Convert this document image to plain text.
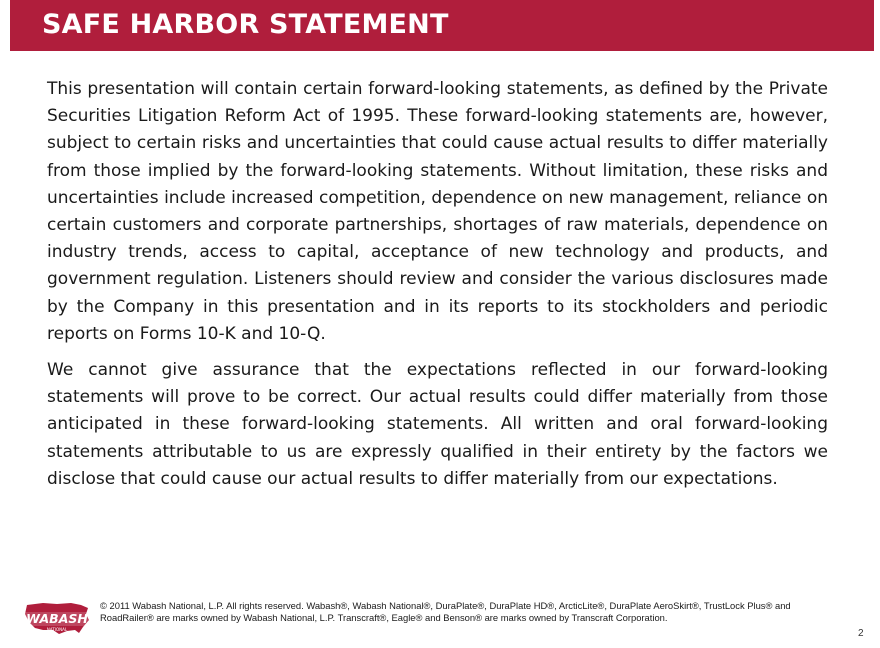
SAFE HARBOR STATEMENT

This presentation will contain certain forward-looking statements, as defined by the Private Securities Litigation Reform Act of 1995. These forward-looking statements are, however, subject to certain risks and uncertainties that could cause actual results to differ materially from those implied by the forward-looking statements. Without limitation, these risks and uncertainties include increased competition, dependence on new management, reliance on certain customers and corporate partnerships, shortages of raw materials, dependence on industry trends, access to capital, acceptance of new technology and products, and government regulation. Listeners should review and consider the various disclosures made by the Company in this presentation and in its reports to its stockholders and periodic reports on Forms 10-K and 10-Q.

We cannot give assurance that the expectations reflected in our forward-looking statements will prove to be correct. Our actual results could differ materially from those anticipated in these forward-looking statements. All written and oral forward-looking statements attributable to us are expressly qualified in their entirety by the factors we disclose that could cause our actual results to differ materially from our expectations.

WABASH
NATIONAL
© 2011 Wabash National, L.P. All rights reserved. Wabash®, Wabash National®, DuraPlate®, DuraPlate HD®, ArcticLite®, DuraPlate AeroSkirt®, TrustLock Plus® and RoadRailer® are marks owned by Wabash National, L.P. Transcraft®, Eagle® and Benson® are marks owned by Transcraft Corporation.
2
